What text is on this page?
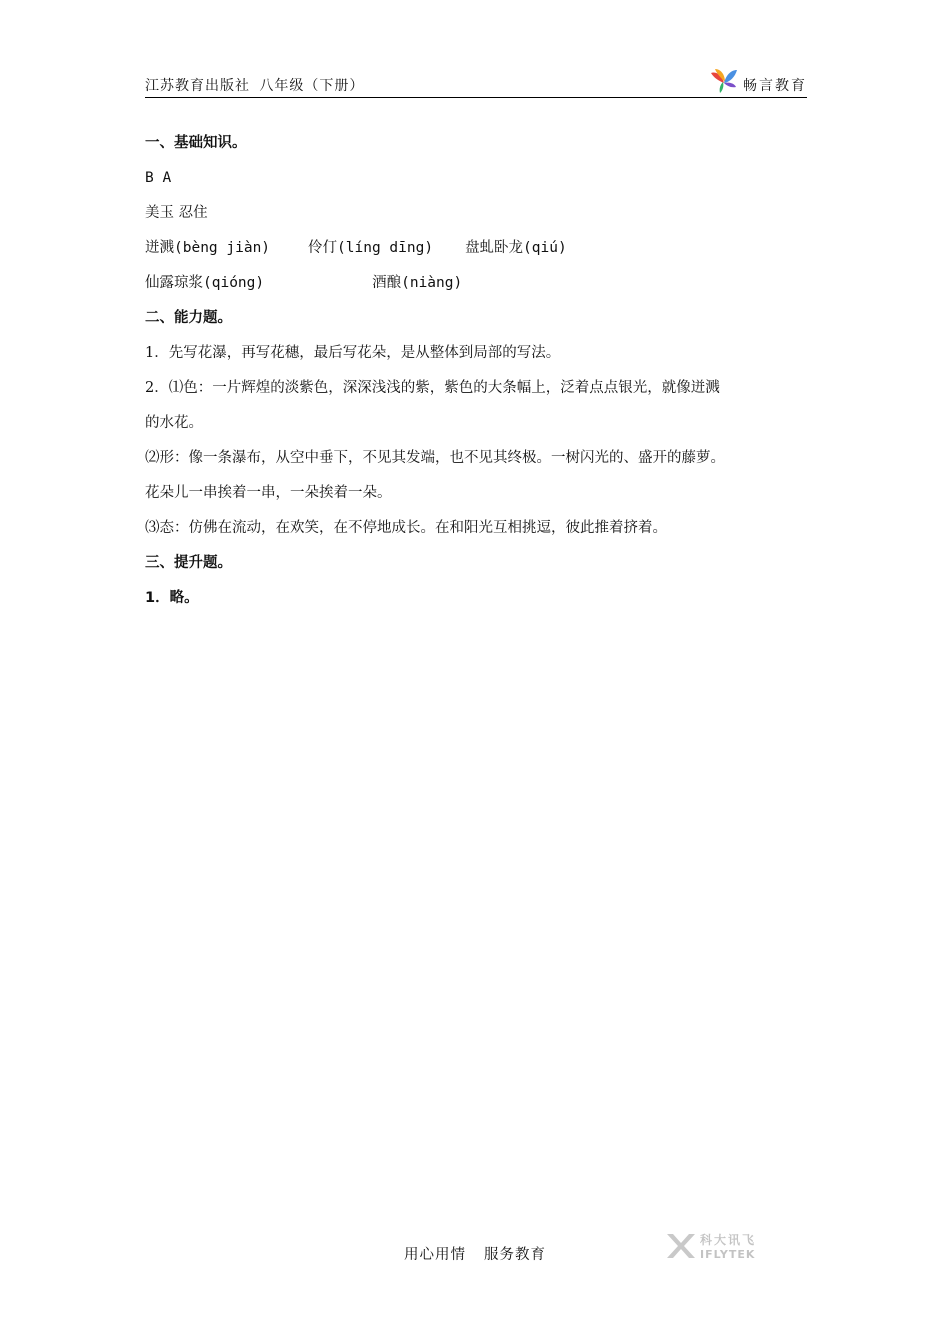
江苏教育出版社 八年级（下册）	畅言教育
一、基础知识。
B A
美玉 忍住
迸溅(bèng jiàn)	伶仃(líng dīng) 盘虬卧龙(qiú)
仙露琼浆(qióng)	酒酿(niàng)
二、能力题。
1．先写花瀑，再写花穗，最后写花朵，是从整体到局部的写法。
2．⑴色：一片辉煌的淡紫色，深深浅浅的紫，紫色的大条幅上，泛着点点银光，就像迸溅
的水花。
⑵形：像一条瀑布，从空中垂下，不见其发端，也不见其终极。一树闪光的、盛开的藤萝。
花朵儿一串挨着一串，一朵挨着一朵。
⑶态：仿佛在流动，在欢笑，在不停地成长。在和阳光互相挑逗，彼此推着挤着。
三、提升题。
1．略。
用心用情 服务教育
科大讯飞
IFLYTEK
